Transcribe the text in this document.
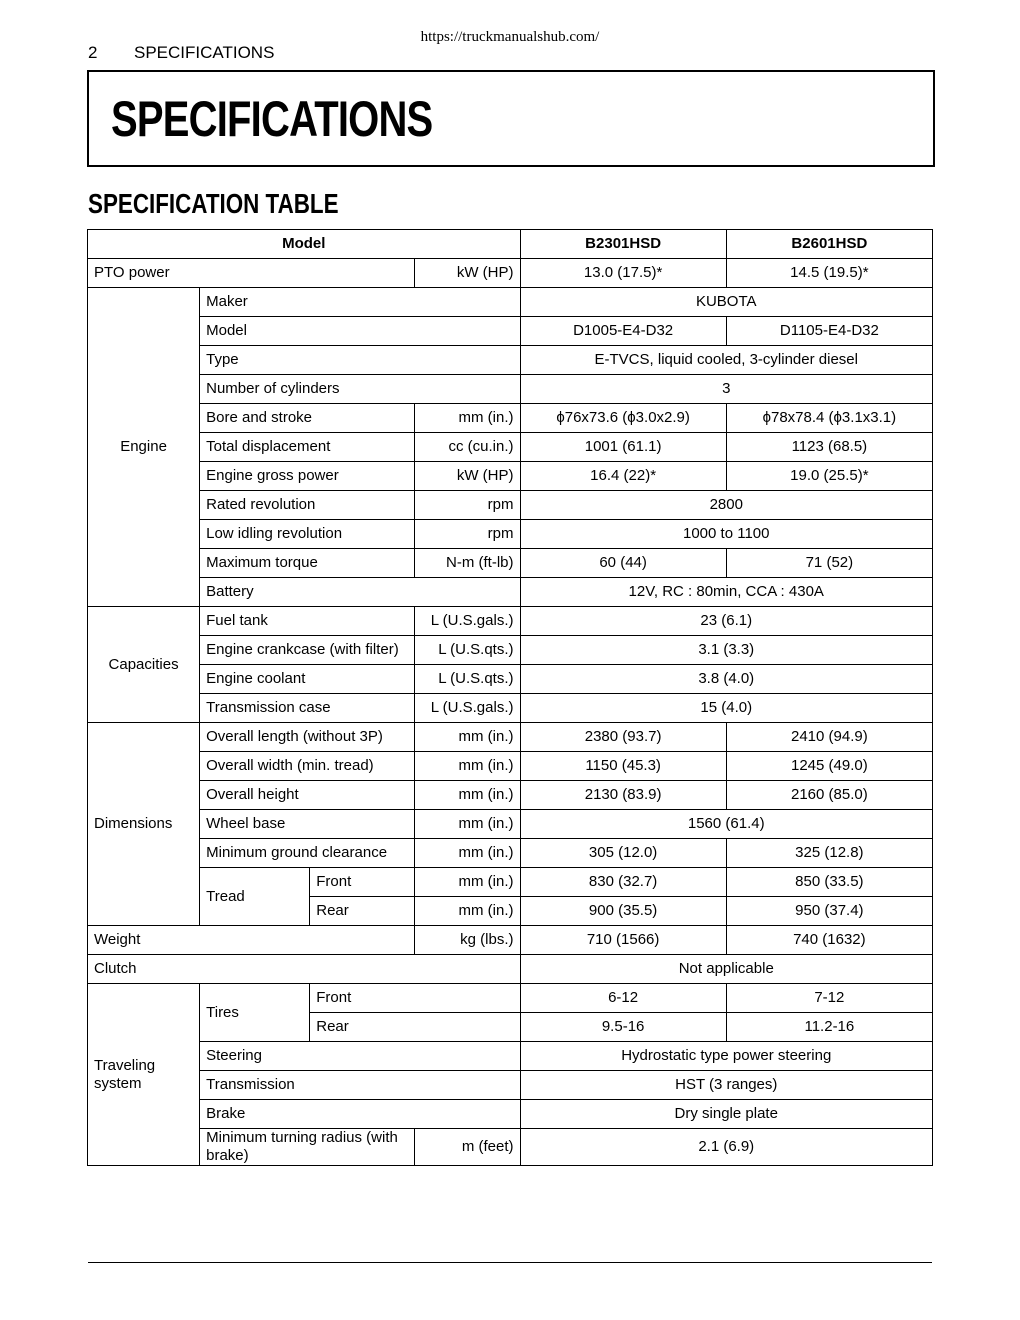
https://truckmanualshub.com/
2 SPECIFICATIONS
SPECIFICATIONS
SPECIFICATION TABLE
Model				B2301HSD	B2601HSD
PTO power			kW (HP)	13.0 (17.5)*	14.5 (19.5)*
Engine	Maker			KUBOTA	
	Model			D1005-E4-D32	D1105-E4-D32
	Type			E-TVCS, liquid cooled, 3-cylinder diesel	
	Number of cylinders			3	
	Bore and stroke		mm (in.)	ϕ76x73.6 (ϕ3.0x2.9)	ϕ78x78.4 (ϕ3.1x3.1)
	Total displacement		cc (cu.in.)	1001 (61.1)	1123 (68.5)
	Engine gross power		kW (HP)	16.4 (22)*	19.0 (25.5)*
	Rated revolution		rpm	2800	
	Low idling revolution		rpm	1000 to 1100	
	Maximum torque		N-m (ft-lb)	60 (44)	71 (52)
	Battery			12V, RC : 80min, CCA : 430A	
Capacities	Fuel tank		L (U.S.gals.)	23 (6.1)	
	Engine crankcase (with filter)		L (U.S.qts.)	3.1 (3.3)	
	Engine coolant		L (U.S.qts.)	3.8 (4.0)	
	Transmission case		L (U.S.gals.)	15 (4.0)	
Dimensions	Overall length (without 3P)		mm (in.)	2380 (93.7)	2410 (94.9)
	Overall width (min. tread)		mm (in.)	1150 (45.3)	1245 (49.0)
	Overall height		mm (in.)	2130 (83.9)	2160 (85.0)
	Wheel base		mm (in.)	1560 (61.4)	
	Minimum ground clearance		mm (in.)	305 (12.0)	325 (12.8)
	Tread	Front	mm (in.)	830 (32.7)	850 (33.5)
		Rear	mm (in.)	900 (35.5)	950 (37.4)
Weight			kg (lbs.)	710 (1566)	740 (1632)
Clutch				Not applicable	
Traveling system	Tires	Front		6-12	7-12
		Rear		9.5-16	11.2-16
	Steering			Hydrostatic type power steering	
	Transmission			HST (3 ranges)	
	Brake			Dry single plate	
	Minimum turning radius (with brake)		m (feet)	2.1 (6.9)	
